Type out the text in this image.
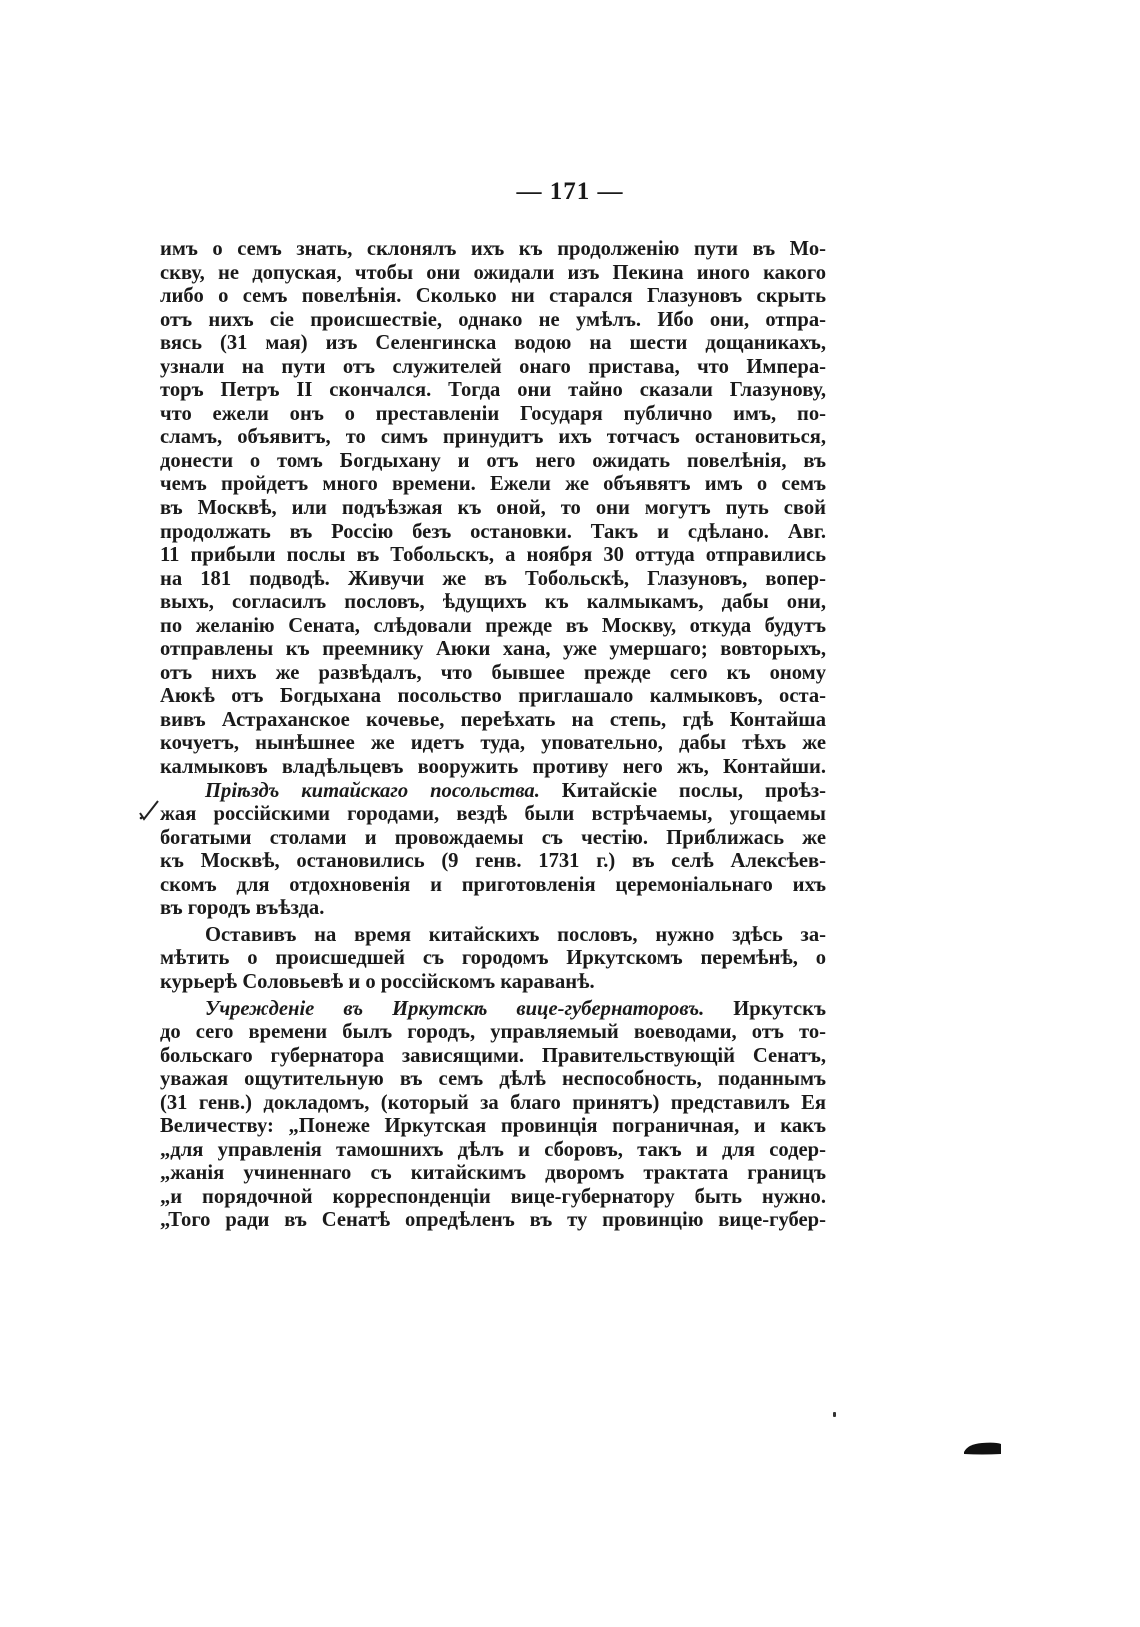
— 171 —
имъ о семъ знать, склонялъ ихъ къ продолженію пути въ Мо-
скву, не допуская, чтобы они ожидали изъ Пекина иного какого
либо о семъ повелѣнія. Сколько ни старался Глазуновъ скрыть
отъ нихъ сіе происшествіе, однако не умѣлъ. Ибо они, отпра-
вясь (31 мая) изъ Селенгинска водою на шести дощаникахъ,
узнали на пути отъ служителей онаго пристава, что Импера-
торъ Петръ II скончался. Тогда они тайно сказали Глазунову,
что ежели онъ о преставленіи Государя публично имъ, по-
сламъ, объявитъ, то симъ принудитъ ихъ тотчасъ остановиться,
донести о томъ Богдыхану и отъ него ожидать повелѣнія, въ
чемъ пройдетъ много времени. Ежели же объявятъ имъ о семъ
въ Москвѣ, или подъѣзжая къ оной, то они могутъ путь свой
продолжать въ Россію безъ остановки. Такъ и сдѣлано. Авг.
11 прибыли послы въ Тобольскъ, а ноября 30 оттуда отправились
на 181 подводѣ. Живучи же въ Тобольскѣ, Глазуновъ, вопер-
выхъ, согласилъ пословъ, ѣдущихъ къ калмыкамъ, дабы они,
по желанію Сената, слѣдовали прежде въ Москву, откуда будутъ
отправлены къ преемнику Аюки хана, уже умершаго; вовторыхъ,
отъ нихъ же развѣдалъ, что бывшее прежде сего къ оному
Аюкѣ отъ Богдыхана посольство приглашало калмыковъ, оста-
вивъ Астраханское кочевье, переѣхать на степь, гдѣ Контайша
кочуетъ, нынѣшнее же идетъ туда, уповательно, дабы тѣхъ же
калмыковъ владѣльцевъ вооружить противу него жъ, Контайши.
Пріѣздъ китайскаго посольства. Китайскіе послы, проѣз-
жая россійскими городами, вездѣ были встрѣчаемы, угощаемы
богатыми столами и провождаемы съ честію. Приближась же
къ Москвѣ, остановились (9 генв. 1731 г.) въ селѣ Алексѣев-
скомъ для отдохновенія и приготовленія церемоніальнаго ихъ
въ городъ въѣзда.
Оставивъ на время китайскихъ пословъ, нужно здѣсь за-
мѣтить о происшедшей съ городомъ Иркутскомъ перемѣнѣ, о
курьерѣ Соловьевѣ и о россійскомъ караванѣ.
Учрежденіе въ Иркутскѣ вице-губернаторовъ. Иркутскъ
до сего времени былъ городъ, управляемый воеводами, отъ то-
больскаго губернатора зависящими. Правительствующій Сенатъ,
уважая ощутительную въ семъ дѣлѣ неспособность, поданнымъ
(31 генв.) докладомъ, (который за благо принятъ) представилъ Ея
Величеству: „Понеже Иркутская провинція пограничная, и какъ
„для управленія тамошнихъ дѣлъ и сборовъ, такъ и для содер-
„жанія учиненнаго съ китайскимъ дворомъ трактата границъ
„и порядочной корреспонденціи вице-губернатору быть нужно.
„Того ради въ Сенатѣ опредѣленъ въ ту провинцію вице-губер-
